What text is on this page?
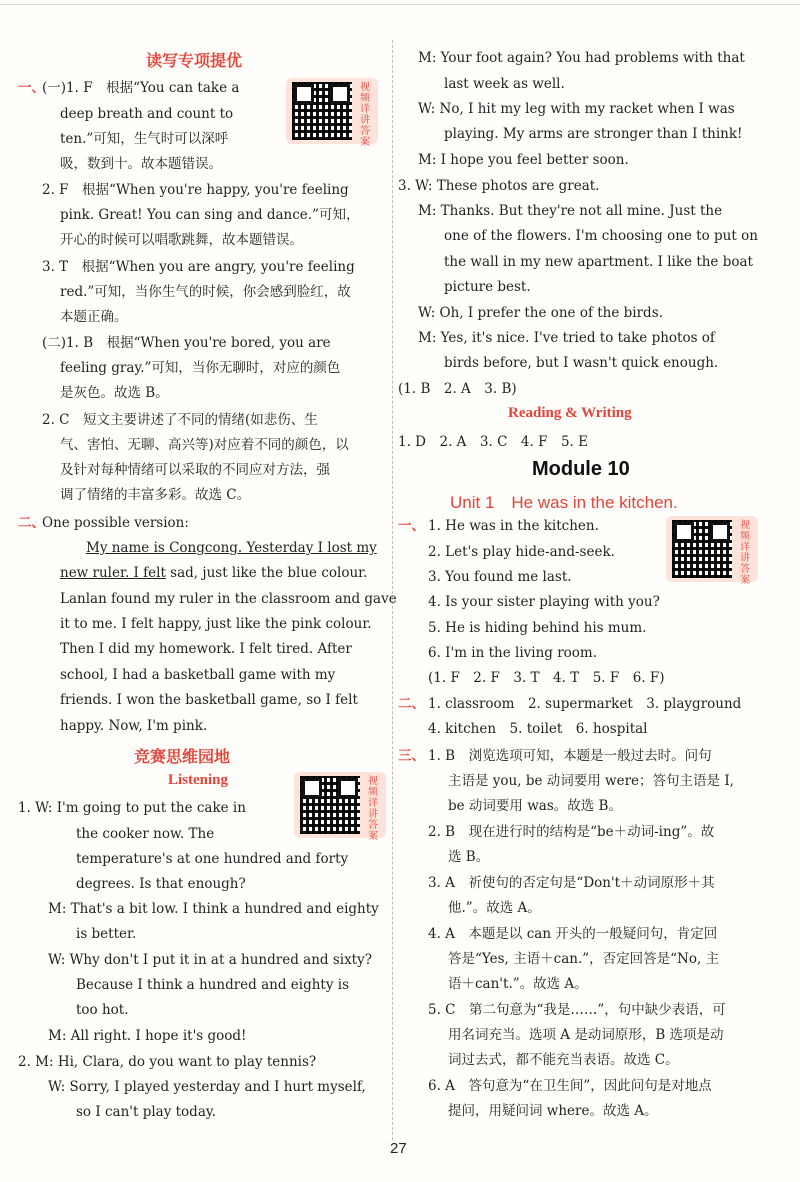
读写专项提优
视频详讲答案
一、
(一)1. F　根据“You can take a
deep breath and count to
ten.”可知，生气时可以深呼
吸，数到十。故本题错误。
2. F　根据“When you're happy, you're feeling
pink. Great! You can sing and dance.”可知，
开心的时候可以唱歌跳舞，故本题错误。
3. T　根据“When you are angry, you're feeling
red.”可知，当你生气的时候，你会感到脸红，故
本题正确。
(二)1. B　根据“When you're bored, you are
feeling gray.”可知，当你无聊时，对应的颜色
是灰色。故选 B。
2. C　短文主要讲述了不同的情绪(如悲伤、生
气、害怕、无聊、高兴等)对应着不同的颜色，以
及针对每种情绪可以采取的不同应对方法，强
调了情绪的丰富多彩。故选 C。
二、
One possible version:
My name is Congcong. Yesterday I lost my
new ruler. I felt sad, just like the blue colour.
Lanlan found my ruler in the classroom and gave
it to me. I felt happy, just like the pink colour.
Then I did my homework. I felt tired. After
school, I had a basketball game with my
friends. I won the basketball game, so I felt
happy. Now, I'm pink.
竞赛思维园地
Listening	视频详讲答案
1. W: I'm going to put the cake in
the cooker now. The
temperature's at one hundred and forty
degrees. Is that enough?
M: That's a bit low. I think a hundred and eighty
is better.
W: Why don't I put it in at a hundred and sixty?
Because I think a hundred and eighty is
too hot.
M: All right. I hope it's good!
2. M: Hi, Clara, do you want to play tennis?
W: Sorry, I played yesterday and I hurt myself,
so I can't play today.
M: Your foot again? You had problems with that
last week as well.
W: No, I hit my leg with my racket when I was
playing. My arms are stronger than I think!
M: I hope you feel better soon.
3. W: These photos are great.
M: Thanks. But they're not all mine. Just the
one of the flowers. I'm choosing one to put on
the wall in my new apartment. I like the boat
picture best.
W: Oh, I prefer the one of the birds.
M: Yes, it's nice. I've tried to take photos of
birds before, but I wasn't quick enough.
(1. B　2. A　3. B)
Reading & Writing
1. D　2. A　3. C　4. F　5. E
Module 10
Unit 1　He was in the kitchen.
视频详讲答案
一、 1. He was in the kitchen.
2. Let's play hide-and-seek.
3. You found me last.
4. Is your sister playing with you?
5. He is hiding behind his mum.
6. I'm in the living room.
(1. F　2. F　3. T　4. T　5. F　6. F)
二、 1. classroom　2. supermarket　3. playground
4. kitchen　5. toilet　6. hospital
三、 1. B　浏览选项可知，本题是一般过去时。问句
主语是 you, be 动词要用 were；答句主语是 I,
be 动词要用 was。故选 B。
2. B　现在进行时的结构是“be＋动词-ing”。故
选 B。
3. A　祈使句的否定句是“Don't＋动词原形＋其
他.”。故选 A。
4. A　本题是以 can 开头的一般疑问句，肯定回
答是“Yes, 主语＋can.”，否定回答是“No, 主
语＋can't.”。故选 A。
5. C　第二句意为“我是……”，句中缺少表语，可
用名词充当。选项 A 是动词原形，B 选项是动
词过去式，都不能充当表语。故选 C。
6. A　答句意为“在卫生间”，因此问句是对地点
提问，用疑问词 where。故选 A。
27
